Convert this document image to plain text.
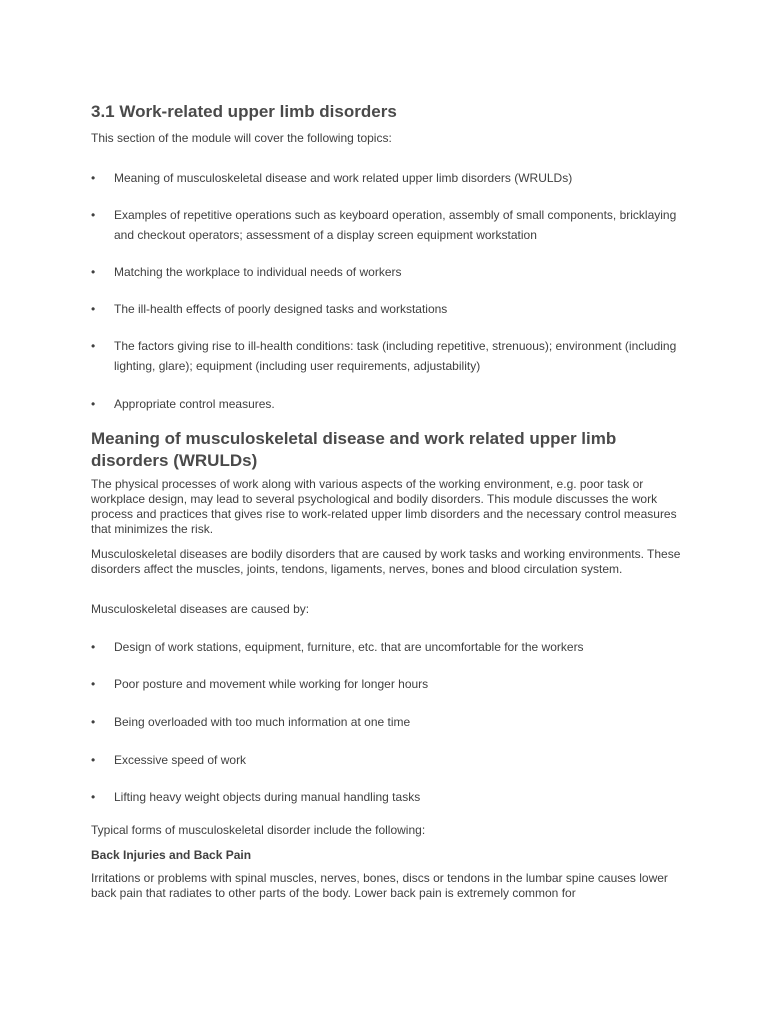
3.1 Work-related upper limb disorders
This section of the module will cover the following topics:
•	Meaning of musculoskeletal disease and work related upper limb disorders (WRULDs)
•	Examples of repetitive operations such as keyboard operation, assembly of small components, bricklaying and checkout operators; assessment of a display screen equipment workstation
•	Matching the workplace to individual needs of workers
•	The ill-health effects of poorly designed tasks and workstations
•	The factors giving rise to ill-health conditions: task (including repetitive, strenuous); environment (including lighting, glare); equipment (including user requirements, adjustability)
•	Appropriate control measures.
Meaning of musculoskeletal disease and work related upper limb disorders (WRULDs)
The physical processes of work along with various aspects of the working environment, e.g. poor task or workplace design, may lead to several psychological and bodily disorders. This module discusses the work process and practices that gives rise to work-related upper limb disorders and the necessary control measures that minimizes the risk.
Musculoskeletal diseases are bodily disorders that are caused by work tasks and working environments. These disorders affect the muscles, joints, tendons, ligaments, nerves, bones and blood circulation system.
Musculoskeletal diseases are caused by:
•	Design of work stations, equipment, furniture, etc. that are uncomfortable for the workers
•	Poor posture and movement while working for longer hours
•	Being overloaded with too much information at one time
•	Excessive speed of work
•	Lifting heavy weight objects during manual handling tasks
Typical forms of musculoskeletal disorder include the following:
Back Injuries and Back Pain
Irritations or problems with spinal muscles, nerves, bones, discs or tendons in the lumbar spine causes lower back pain that radiates to other parts of the body. Lower back pain is extremely common for
